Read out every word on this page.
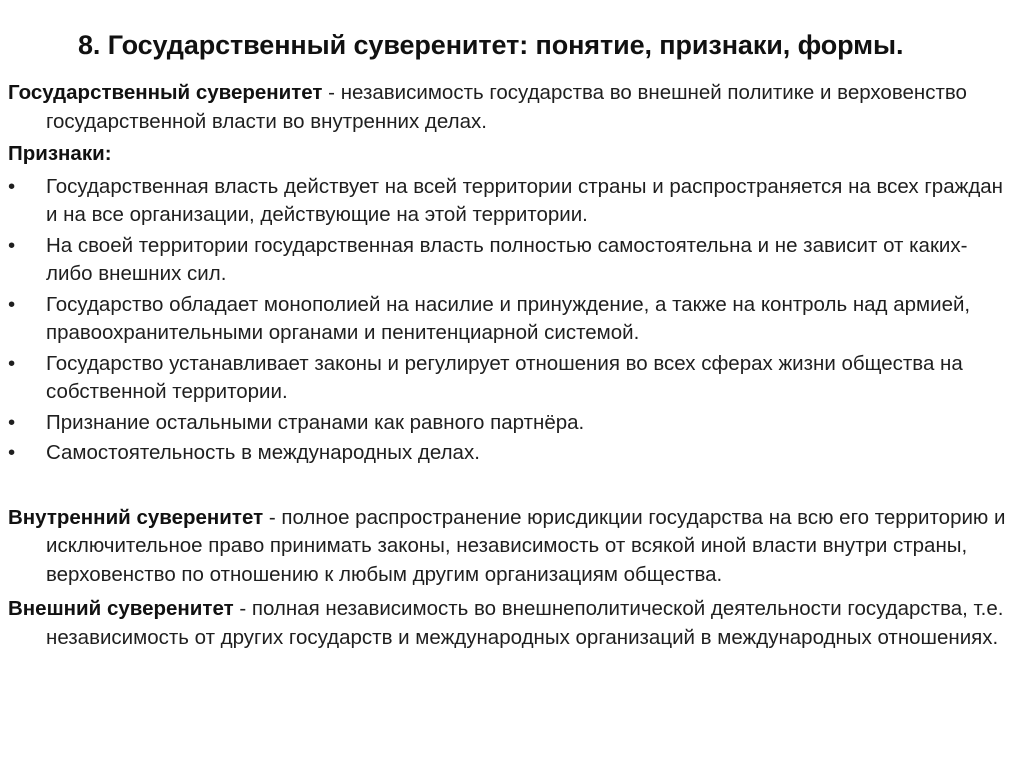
8. Государственный суверенитет: понятие, признаки, формы.

Государственный суверенитет - независимость государства во внешней политике и верховенство государственной власти во внутренних делах.

Признаки:

•	Государственная власть действует на всей территории страны и распространяется на всех граждан и на все организации, действующие на этой территории.
•	На своей территории государственная власть полностью самостоятельна и не зависит от каких-либо внешних сил.
•	Государство обладает монополией на насилие и принуждение, а также на контроль над армией, правоохранительными органами и пенитенциарной системой.
•	Государство устанавливает законы и регулирует отношения во всех сферах жизни общества на собственной территории.
•	Признание остальными странами как равного партнёра.
•	Самостоятельность в международных делах.

Внутренний суверенитет - полное распространение юрисдикции государства на всю его территорию и исключительное право принимать законы, независимость от всякой иной власти внутри страны, верховенство по отношению к любым другим организациям общества.

Внешний суверенитет - полная независимость во внешнеполитической деятельности государства, т.е. независимость от других государств и международных организаций в международных отношениях.
